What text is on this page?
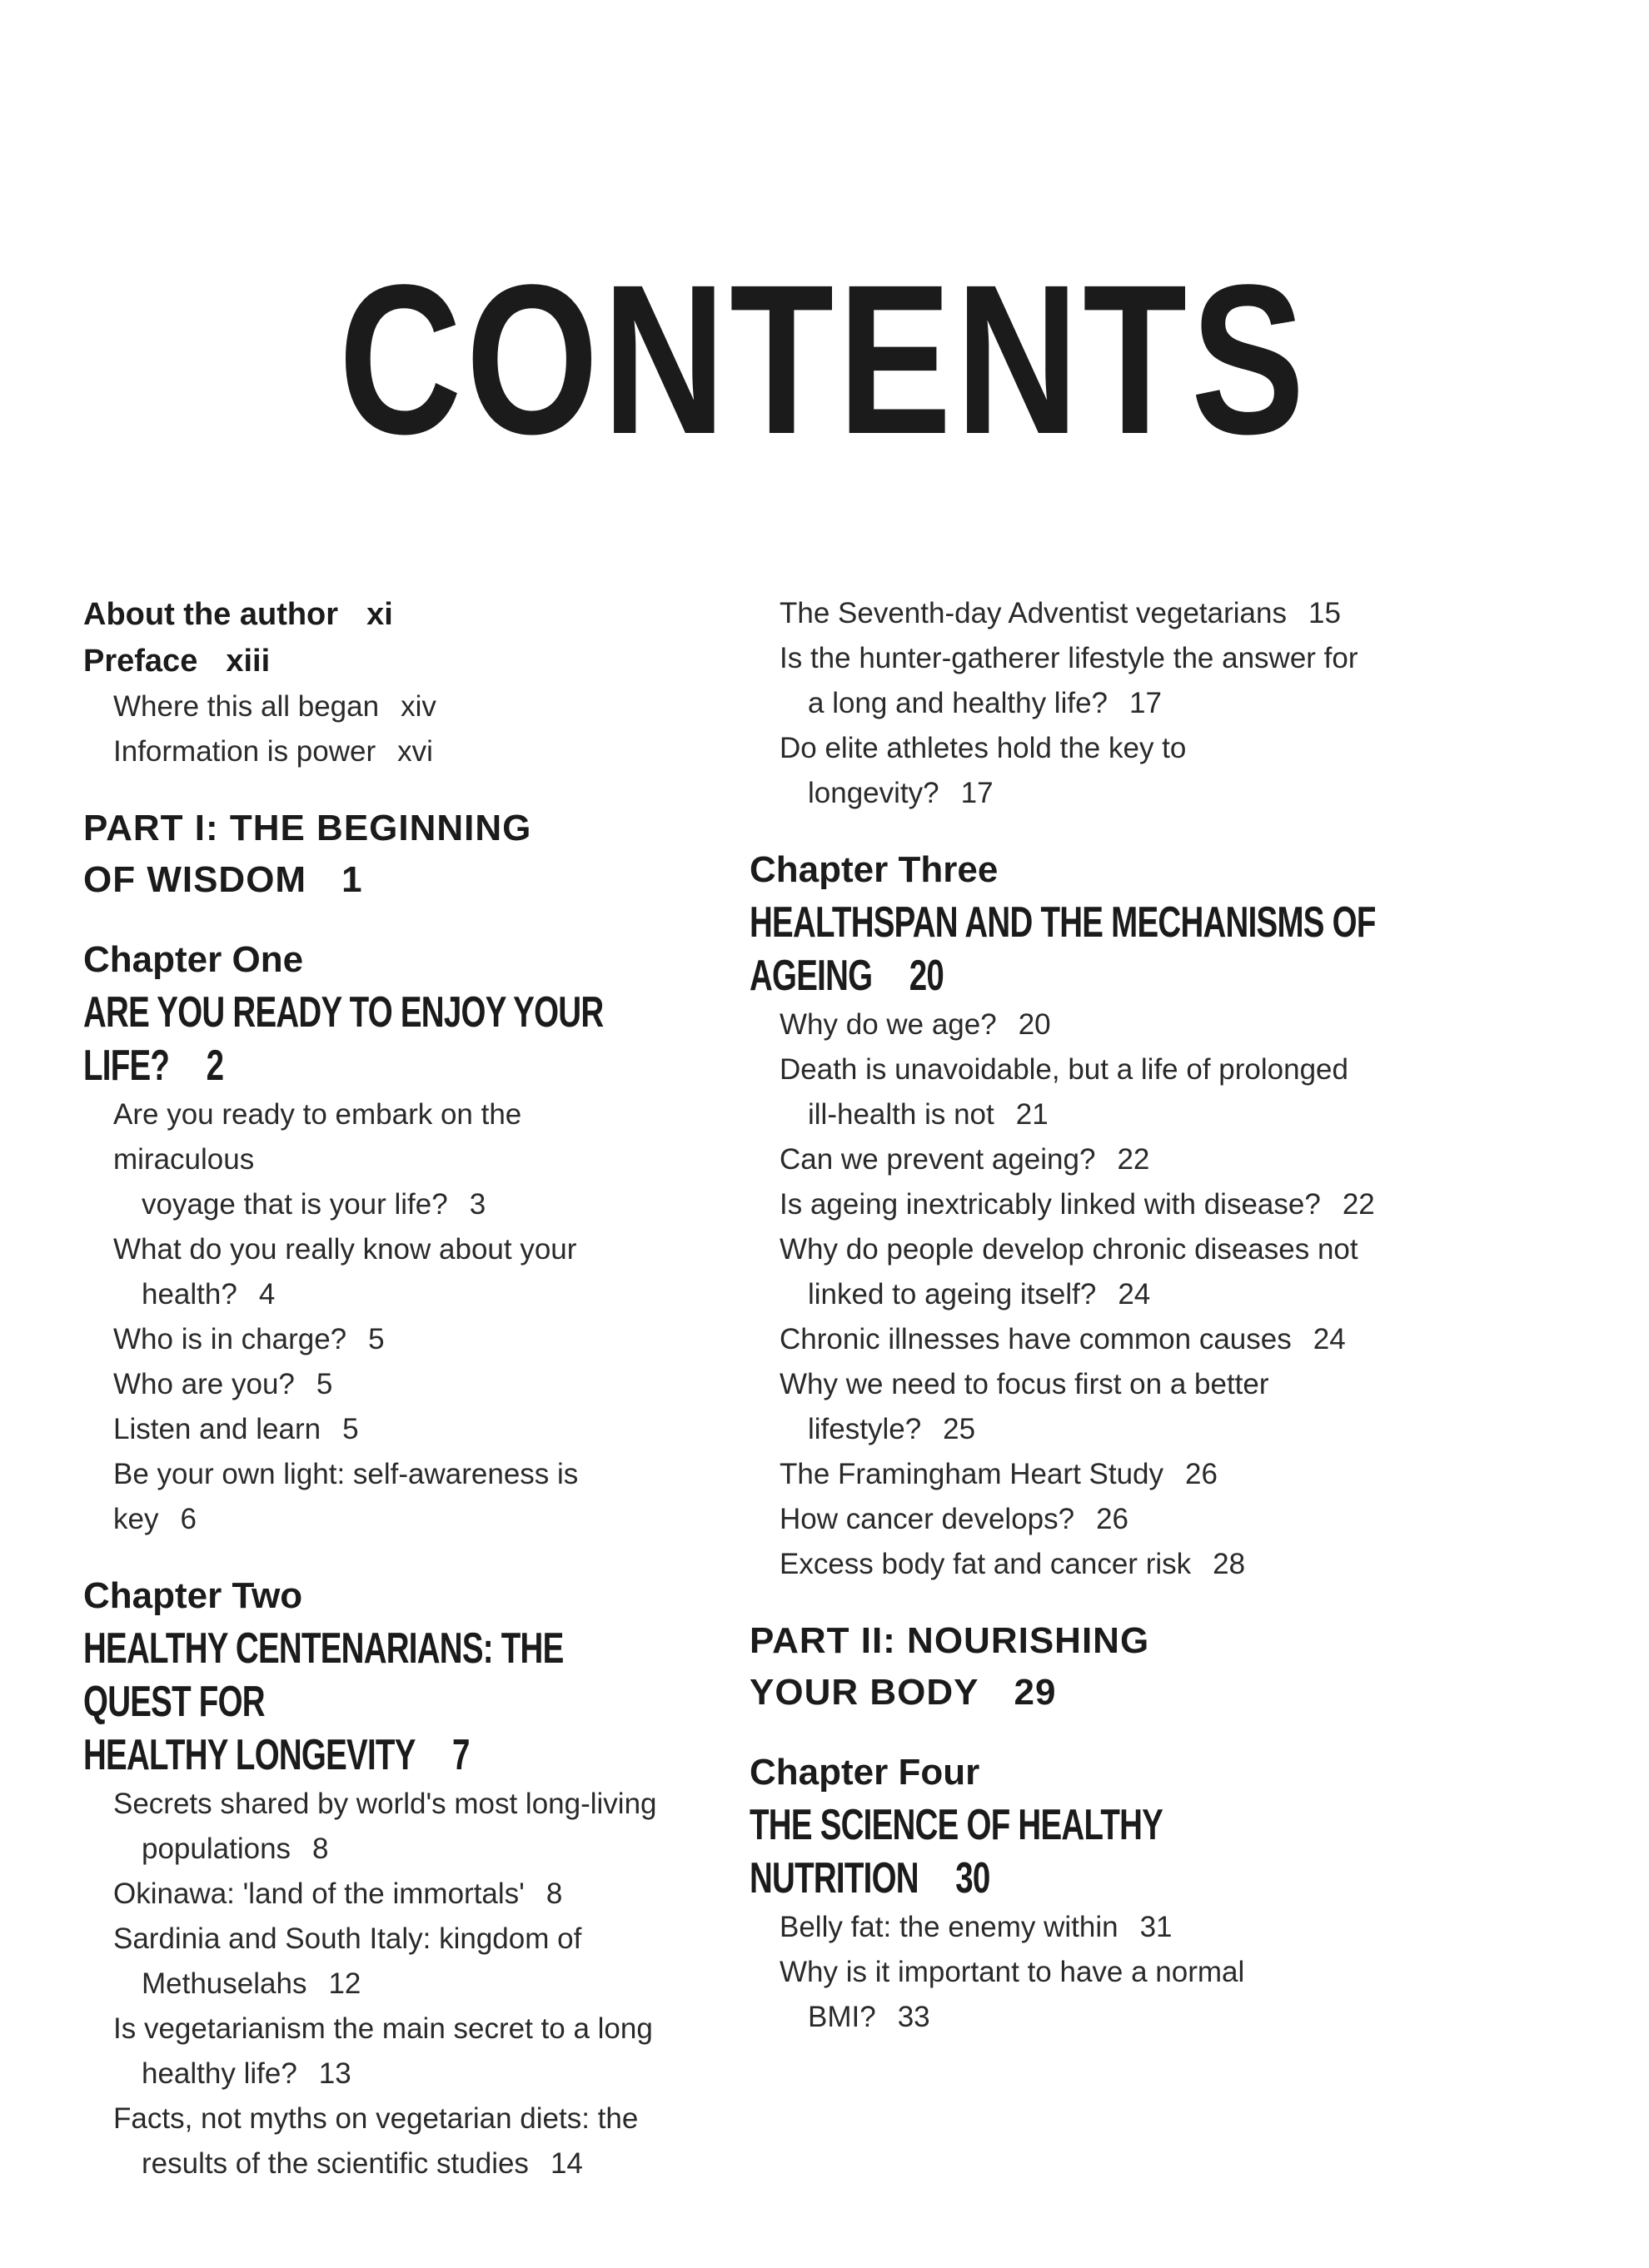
CONTENTS
About the author xi
Preface xiii
Where this all began xiv
Information is power xvi
PART I: THE BEGINNING
OF WISDOM 1
Chapter One
ARE YOU READY TO ENJOY YOUR LIFE? 2
Are you ready to embark on the miraculous
voyage that is your life? 3
What do you really know about your
health? 4
Who is in charge? 5
Who are you? 5
Listen and learn 5
Be your own light: self-awareness is key 6
Chapter Two
HEALTHY CENTENARIANS: THE QUEST FOR
HEALTHY LONGEVITY 7
Secrets shared by world's most long-living
populations 8
Okinawa: 'land of the immortals' 8
Sardinia and South Italy: kingdom of
Methuselahs 12
Is vegetarianism the main secret to a long
healthy life? 13
Facts, not myths on vegetarian diets: the
results of the scientific studies 14
The Seventh-day Adventist vegetarians 15
Is the hunter-gatherer lifestyle the answer for
a long and healthy life? 17
Do elite athletes hold the key to
longevity? 17
Chapter Three
HEALTHSPAN AND THE MECHANISMS OF
AGEING 20
Why do we age? 20
Death is unavoidable, but a life of prolonged
ill-health is not 21
Can we prevent ageing? 22
Is ageing inextricably linked with disease? 22
Why do people develop chronic diseases not
linked to ageing itself? 24
Chronic illnesses have common causes 24
Why we need to focus first on a better
lifestyle? 25
The Framingham Heart Study 26
How cancer develops? 26
Excess body fat and cancer risk 28
PART II: NOURISHING
YOUR BODY 29
Chapter Four
THE SCIENCE OF HEALTHY NUTRITION 30
Belly fat: the enemy within 31
Why is it important to have a normal
BMI? 33
